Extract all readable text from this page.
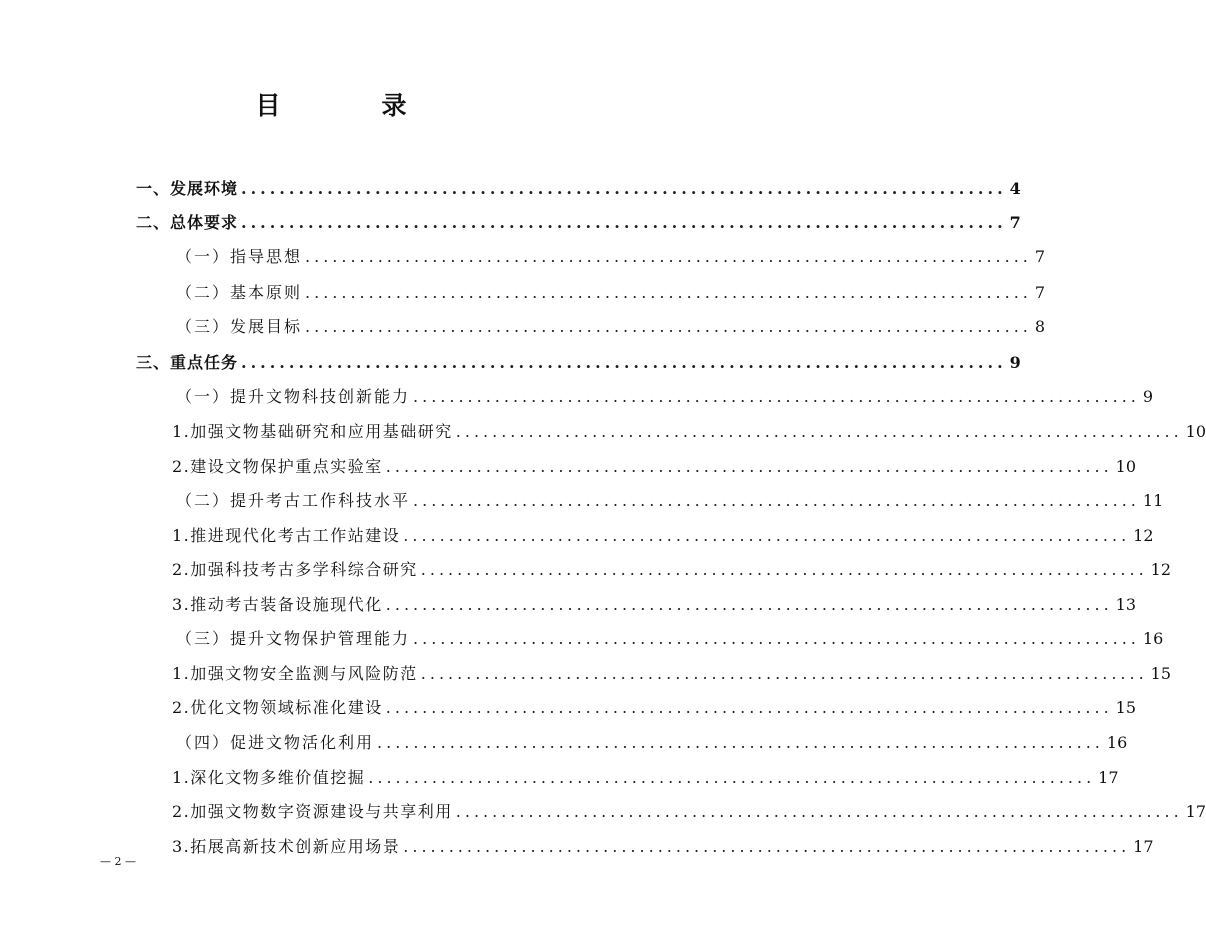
目　录
一、发展环境 ................................................................................ 4
二、总体要求 ................................................................................ 7
（一）指导思想 ................................................................................ 7
（二）基本原则 ................................................................................ 7
（三）发展目标 ................................................................................ 8
三、重点任务 ................................................................................ 9
（一）提升文物科技创新能力 ................................................................................ 9
1.加强文物基础研究和应用基础研究 ................................................................................ 10
2.建设文物保护重点实验室 ................................................................................ 10
（二）提升考古工作科技水平 ................................................................................ 11
1.推进现代化考古工作站建设 ................................................................................ 12
2.加强科技考古多学科综合研究 ................................................................................ 12
3.推动考古装备设施现代化 ................................................................................ 13
（三）提升文物保护管理能力 ................................................................................ 16
1.加强文物安全监测与风险防范 ................................................................................ 15
2.优化文物领域标准化建设 ................................................................................ 15
（四）促进文物活化利用 ................................................................................ 16
1.深化文物多维价值挖掘 ................................................................................ 17
2.加强文物数字资源建设与共享利用 ................................................................................ 17
3.拓展高新技术创新应用场景 ................................................................................ 17
— 2 —
